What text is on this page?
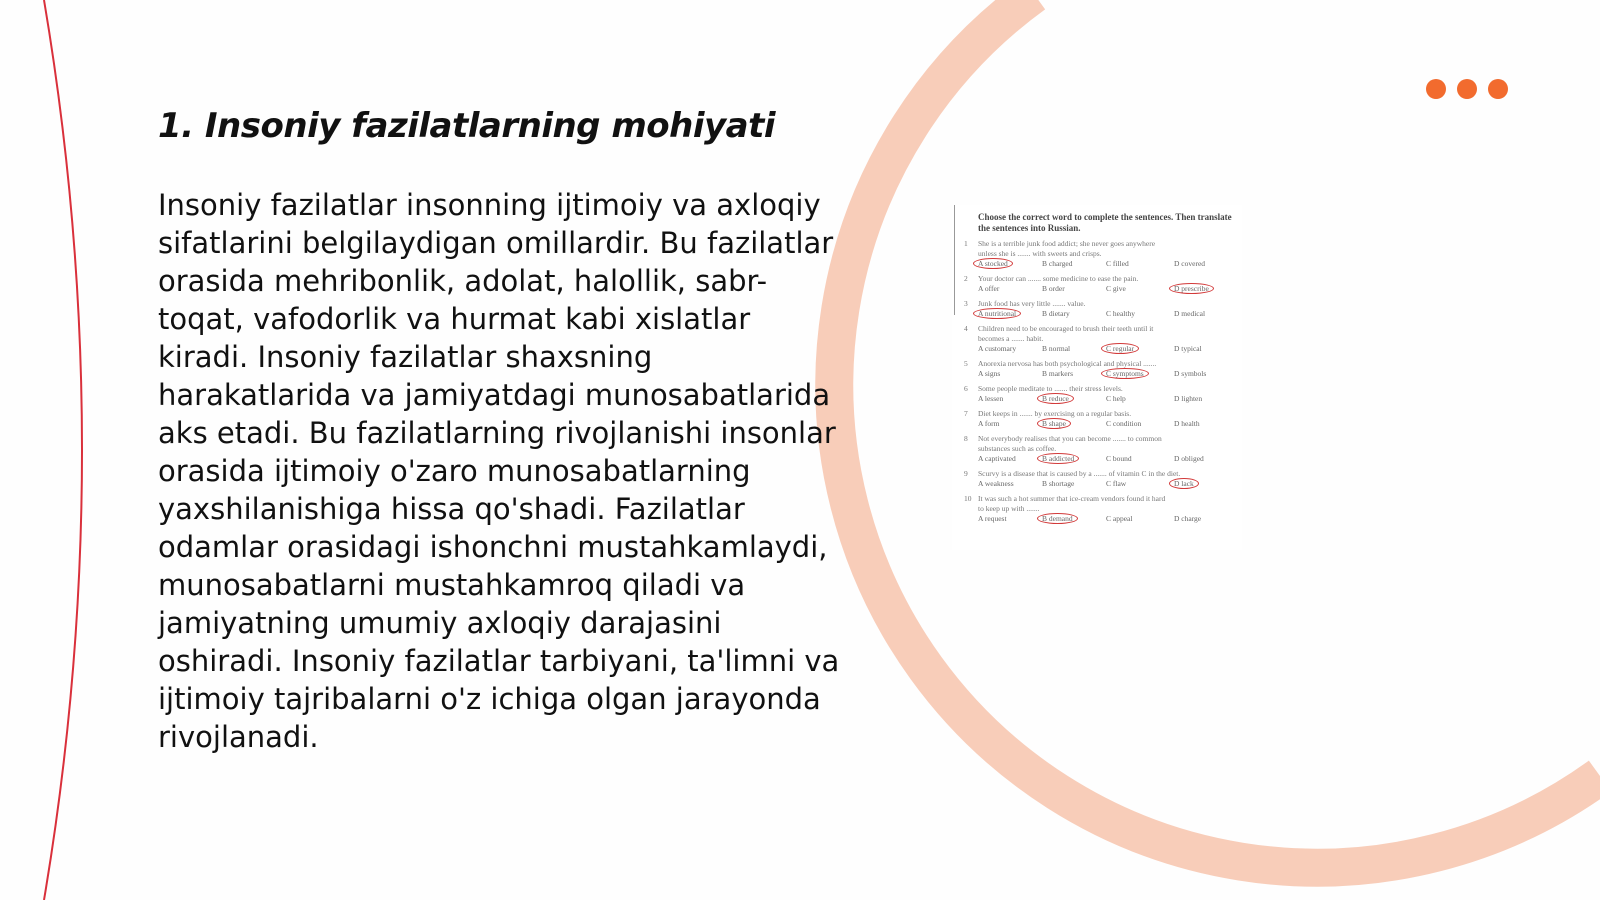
1. Insoniy fazilatlarning mohiyati

Insoniy fazilatlar insonning ijtimoiy va axloqiy sifatlarini belgilaydigan omillardir. Bu fazilatlar orasida mehribonlik, adolat, halollik, sabr-toqat, vafodorlik va hurmat kabi xislatlar kiradi. Insoniy fazilatlar shaxsning harakatlarida va jamiyatdagi munosabatlarida aks etadi. Bu fazilatlarning rivojlanishi insonlar orasida ijtimoiy o'zaro munosabatlarning yaxshilanishiga hissa qo'shadi. Fazilatlar odamlar orasidagi ishonchni mustahkamlaydi, munosabatlarni mustahkamroq qiladi va jamiyatning umumiy axloqiy darajasini oshiradi. Insoniy fazilatlar tarbiyani, ta'limni va ijtimoiy tajribalarni o'z ichiga olgan jarayonda rivojlanadi.

Choose the correct word to complete the sentences. Then translate the sentences into Russian.
1 She is a terrible junk food addict; she never goes anywhere
unless she is ....... with sweets and crisps.
A stocked	B charged	C filled	D covered
2 Your doctor can ....... some medicine to ease the pain.
A offer	B order	C give	D prescribe
3 Junk food has very little ....... value.
A nutritional	B dietary	C healthy	D medical
4 Children need to be encouraged to brush their teeth until it
becomes a ....... habit.
A customary	B normal	C regular	D typical
5 Anorexia nervosa has both psychological and physical .......
A signs	B markers	C symptoms	D symbols
6 Some people meditate to ....... their stress levels.
A lessen	B reduce	C help	D lighten
7 Diet keeps in ....... by exercising on a regular basis.
A form	B shape	C condition	D health
8 Not everybody realises that you can become ....... to common
substances such as coffee.
A captivated	B addicted	C bound	D obliged
9 Scurvy is a disease that is caused by a ....... of vitamin C in the diet.
A weakness	B shortage	C flaw	D lack
10 It was such a hot summer that ice-cream vendors found it hard
to keep up with .......
A request	B demand	C appeal	D charge
